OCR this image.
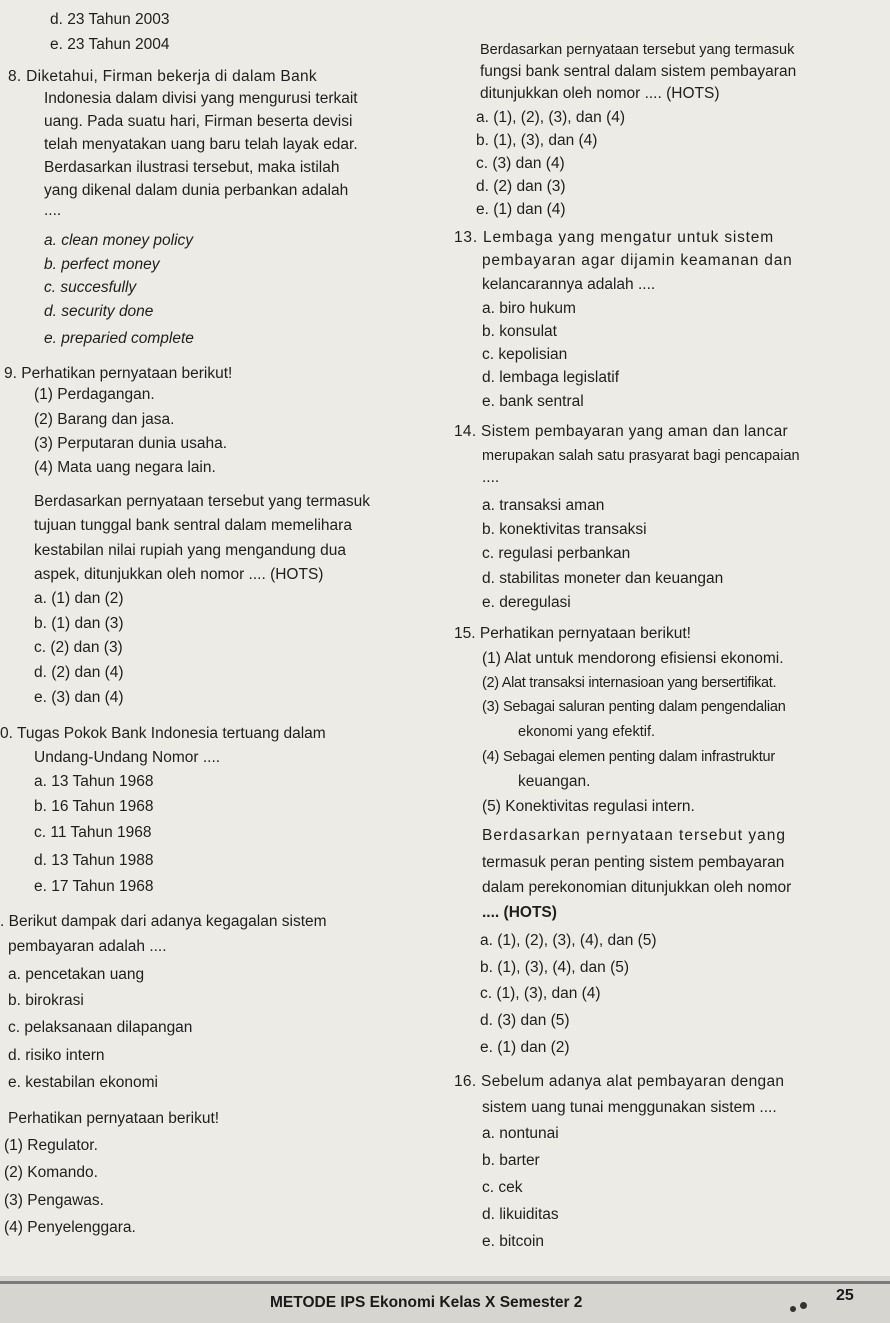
d. 23 Tahun 2003
e. 23 Tahun 2004
8. Diketahui, Firman bekerja di dalam Bank
Indonesia dalam divisi yang mengurusi terkait
uang. Pada suatu hari, Firman beserta devisi
telah menyatakan uang baru telah layak edar.
Berdasarkan ilustrasi tersebut, maka istilah
yang dikenal dalam dunia perbankan adalah
....
a. clean money policy
b. perfect money
c. succesfully
d. security done
e. preparied complete
9. Perhatikan pernyataan berikut!
(1) Perdagangan.
(2) Barang dan jasa.
(3) Perputaran dunia usaha.
(4) Mata uang negara lain.
Berdasarkan pernyataan tersebut yang termasuk
tujuan tunggal bank sentral dalam memelihara
kestabilan nilai rupiah yang mengandung dua
aspek, ditunjukkan oleh nomor .... (HOTS)
a. (1) dan (2)
b. (1) dan (3)
c. (2) dan (3)
d. (2) dan (4)
e. (3) dan (4)
0. Tugas Pokok Bank Indonesia tertuang dalam
Undang-Undang Nomor ....
a. 13 Tahun 1968
b. 16 Tahun 1968
c. 11 Tahun 1968
d. 13 Tahun 1988
e. 17 Tahun 1968
. Berikut dampak dari adanya kegagalan sistem
pembayaran adalah ....
a. pencetakan uang
b. birokrasi
c. pelaksanaan dilapangan
d. risiko intern
e. kestabilan ekonomi
Perhatikan pernyataan berikut!
(1) Regulator.
(2) Komando.
(3) Pengawas.
(4) Penyelenggara.
Berdasarkan pernyataan tersebut yang termasuk
fungsi bank sentral dalam sistem pembayaran
ditunjukkan oleh nomor .... (HOTS)
a. (1), (2), (3), dan (4)
b. (1), (3), dan (4)
c. (3) dan (4)
d. (2) dan (3)
e. (1) dan (4)
13. Lembaga yang mengatur untuk sistem
pembayaran agar dijamin keamanan dan
kelancarannya adalah ....
a. biro hukum
b. konsulat
c. kepolisian
d. lembaga legislatif
e. bank sentral
14. Sistem pembayaran yang aman dan lancar
merupakan salah satu prasyarat bagi pencapaian
....
a. transaksi aman
b. konektivitas transaksi
c. regulasi perbankan
d. stabilitas moneter dan keuangan
e. deregulasi
15. Perhatikan pernyataan berikut!
(1) Alat untuk mendorong efisiensi ekonomi.
(2) Alat transaksi internasioan yang bersertifikat.
(3) Sebagai saluran penting dalam pengendalian
ekonomi yang efektif.
(4) Sebagai elemen penting dalam infrastruktur
keuangan.
(5) Konektivitas regulasi intern.
Berdasarkan pernyataan tersebut yang
termasuk peran penting sistem pembayaran
dalam perekonomian ditunjukkan oleh nomor
.... (HOTS)
a. (1), (2), (3), (4), dan (5)
b. (1), (3), (4), dan (5)
c. (1), (3), dan (4)
d. (3) dan (5)
e. (1) dan (2)
16. Sebelum adanya alat pembayaran dengan
sistem uang tunai menggunakan sistem ....
a. nontunai
b. barter
c. cek
d. likuiditas
e. bitcoin
METODE IPS Ekonomi Kelas X Semester 2	25
